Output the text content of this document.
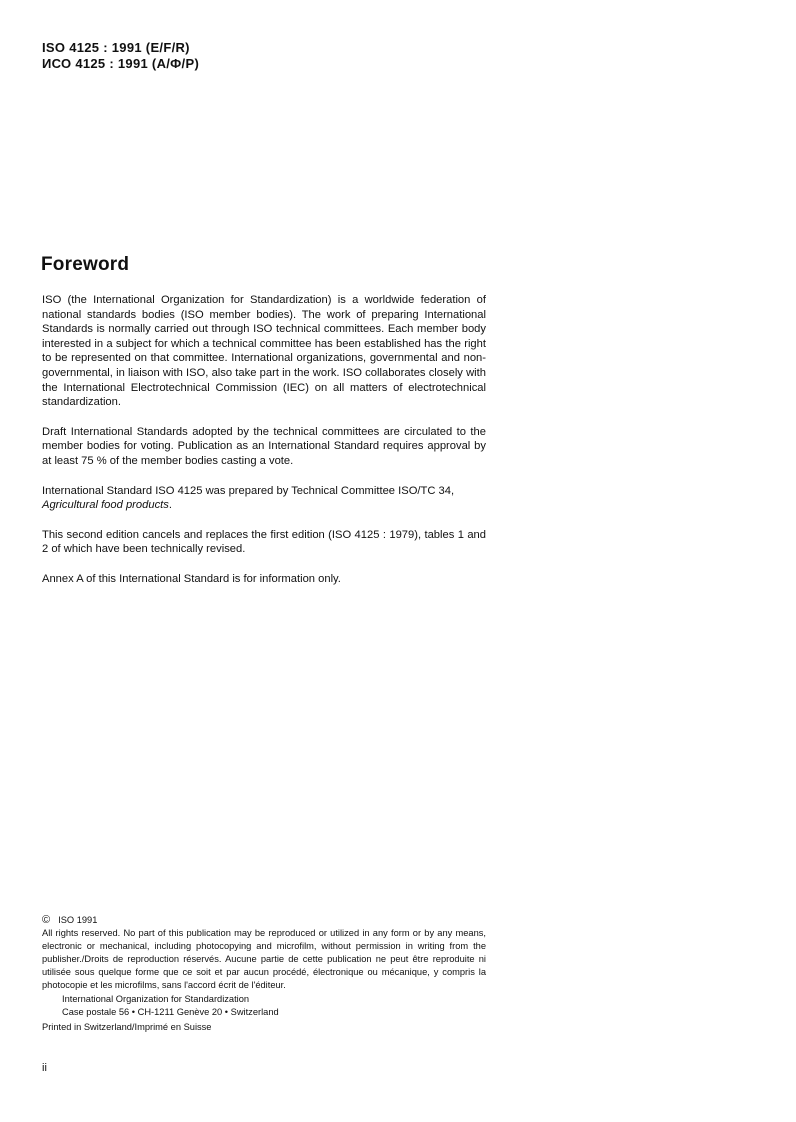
ISO 4125 : 1991 (E/F/R)
ИСО 4125 : 1991 (А/Ф/Р)
Foreword

ISO (the International Organization for Standardization) is a worldwide federation of national standards bodies (ISO member bodies). The work of preparing International Standards is normally carried out through ISO technical committees. Each member body interested in a subject for which a technical committee has been established has the right to be represented on that committee. International organizations, governmental and non-governmental, in liaison with ISO, also take part in the work. ISO collaborates closely with the International Electrotechnical Commission (IEC) on all matters of electrotechnical standardization.

Draft International Standards adopted by the technical committees are circulated to the member bodies for voting. Publication as an International Standard requires approval by at least 75 % of the member bodies casting a vote.

International Standard ISO 4125 was prepared by Technical Committee ISO/TC 34,
Agricultural food products.

This second edition cancels and replaces the first edition (ISO 4125 : 1979), tables 1 and 2 of which have been technically revised.

Annex A of this International Standard is for information only.

© ISO 1991
All rights reserved. No part of this publication may be reproduced or utilized in any form or by any means, electronic or mechanical, including photocopying and microfilm, without permission in writing from the publisher./Droits de reproduction réservés. Aucune partie de cette publication ne peut être reproduite ni utilisée sous quelque forme que ce soit et par aucun procédé, électronique ou mécanique, y compris la photocopie et les microfilms, sans l'accord écrit de l'éditeur.
International Organization for Standardization
Case postale 56 • CH-1211 Genève 20 • Switzerland
Printed in Switzerland/Imprimé en Suisse
ii
